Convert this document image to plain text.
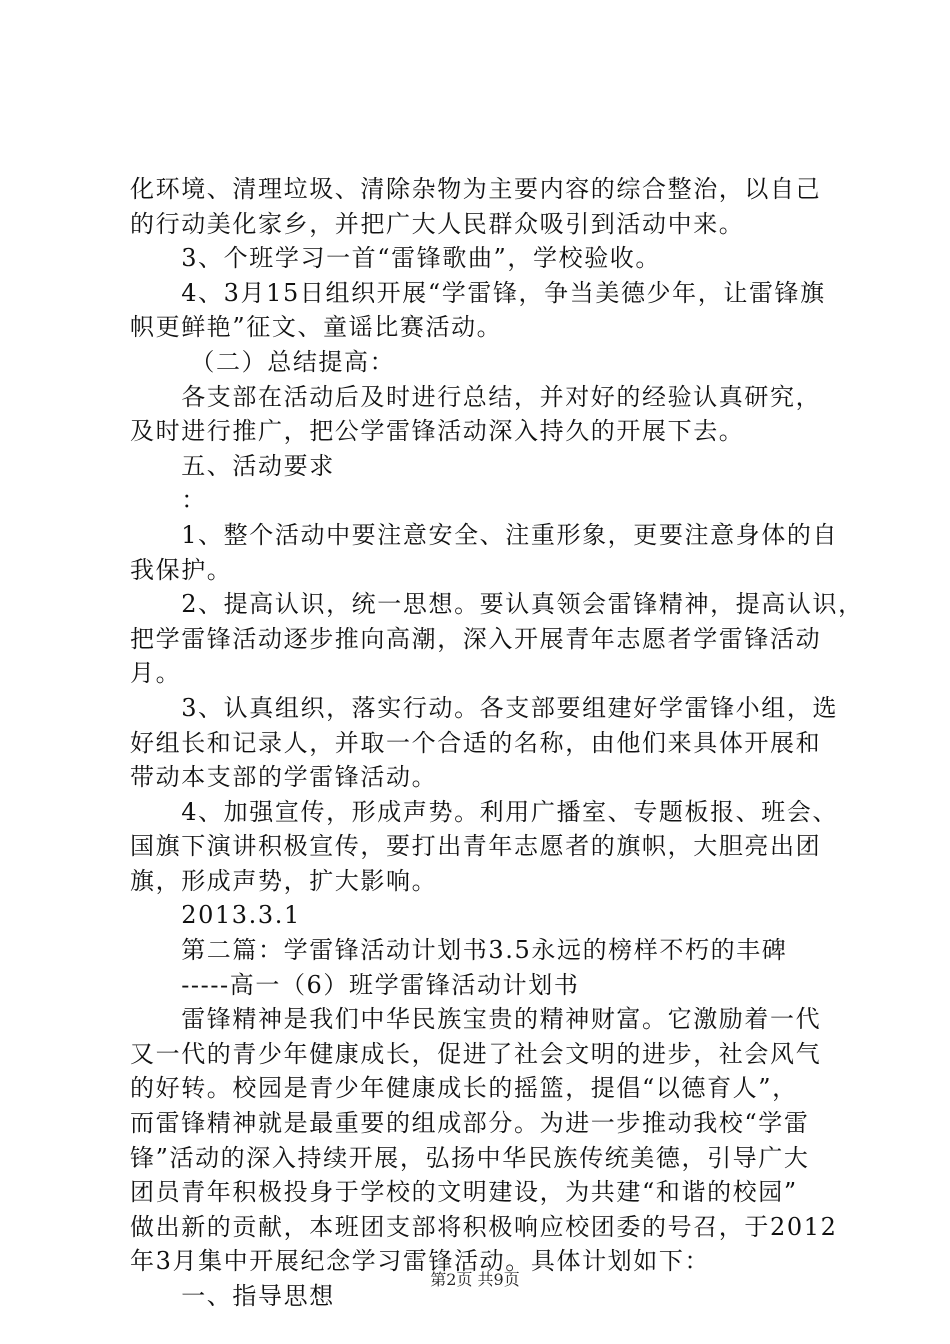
化环境、清理垃圾、清除杂物为主要内容的综合整治，以自己
的行动美化家乡，并把广大人民群众吸引到活动中来。
　　3、个班学习一首“雷锋歌曲”，学校验收。
　　4、3月15日组织开展“学雷锋，争当美德少年，让雷锋旗
帜更鲜艳”征文、童谣比赛活动。
　　 （二）总结提高：
　　各支部在活动后及时进行总结，并对好的经验认真研究，
及时进行推广，把公学雷锋活动深入持久的开展下去。
　　五、活动要求
　　：
　　1、整个活动中要注意安全、注重形象，更要注意身体的自
我保护。
　　2、提高认识，统一思想。要认真领会雷锋精神，提高认识，
把学雷锋活动逐步推向高潮，深入开展青年志愿者学雷锋活动
月。
　　3、认真组织，落实行动。各支部要组建好学雷锋小组，选
好组长和记录人，并取一个合适的名称，由他们来具体开展和
带动本支部的学雷锋活动。
　　4、加强宣传，形成声势。利用广播室、专题板报、班会、
国旗下演讲积极宣传，要打出青年志愿者的旗帜，大胆亮出团
旗，形成声势，扩大影响。
　　2013.3.1
　　第二篇：学雷锋活动计划书3.5永远的榜样不朽的丰碑
　　-----高一（6）班学雷锋活动计划书
　　雷锋精神是我们中华民族宝贵的精神财富。它激励着一代
又一代的青少年健康成长，促进了社会文明的进步，社会风气
的好转。校园是青少年健康成长的摇篮，提倡“以德育人”，
而雷锋精神就是最重要的组成部分。为进一步推动我校“学雷
锋”活动的深入持续开展，弘扬中华民族传统美德，引导广大
团员青年积极投身于学校的文明建设，为共建“和谐的校园”
做出新的贡献，本班团支部将积极响应校团委的号召，于2012
年3月集中开展纪念学习雷锋活动。具体计划如下：
　　一、指导思想
第2页 共9页
